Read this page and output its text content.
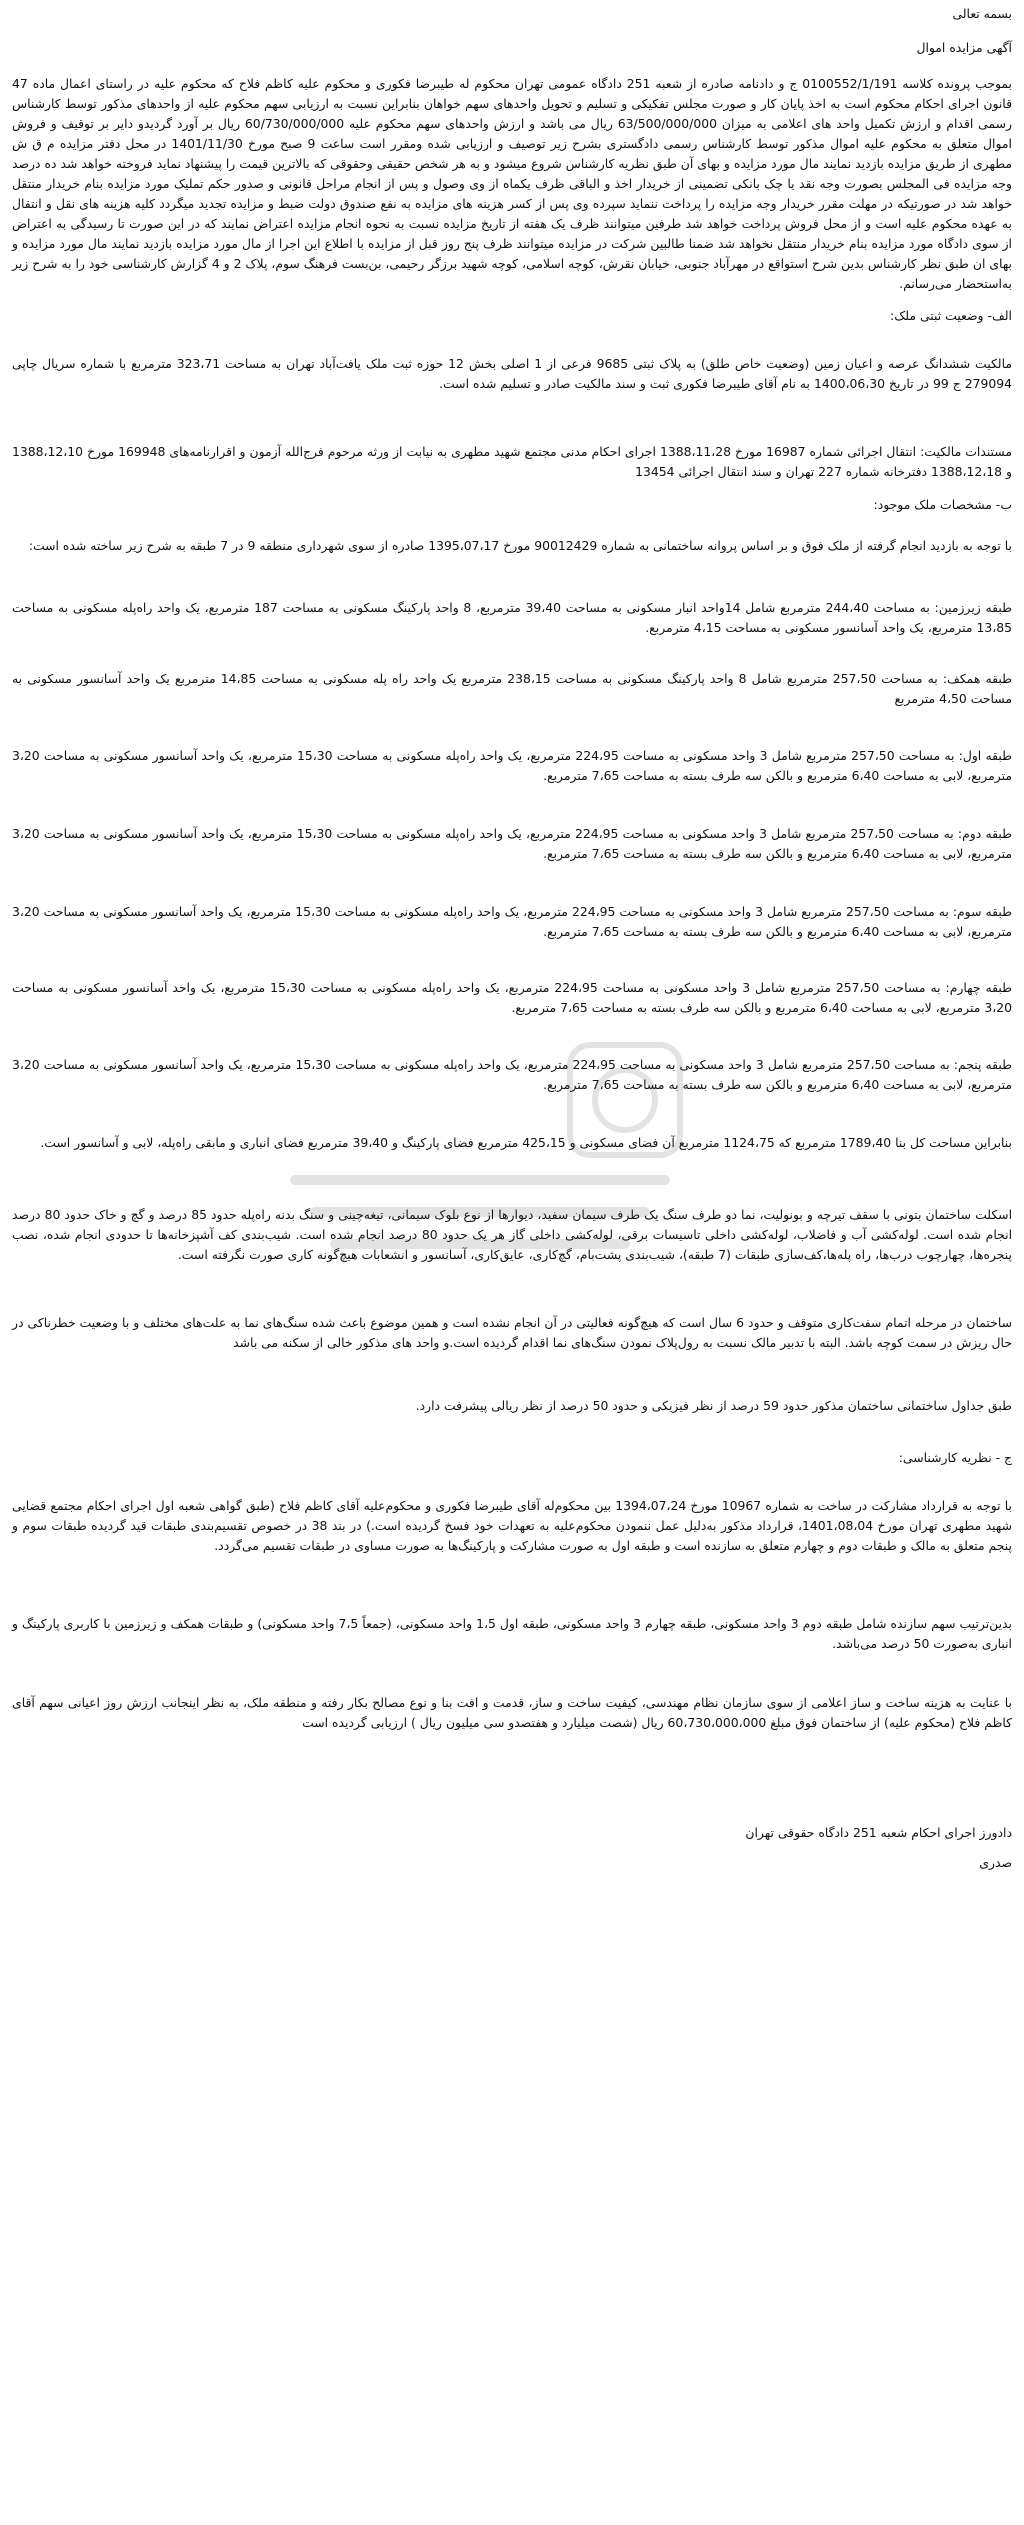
بسمه تعالی

آگهی مزایده اموال

بموجب پرونده کلاسه 0100552/1/191 ج و دادنامه صادره از شعبه 251 دادگاه عمومی تهران محکوم له طیبرضا فکوری و محکوم علیه کاظم فلاح که محکوم علیه در راستای اعمال ماده 47 قانون اجرای احکام محکوم است به اخذ پایان کار و صورت مجلس تفکیکی و تسلیم و تحویل واحدهای سهم خواهان بنابراین نسبت به ارزیابی سهم محکوم علیه از واحدهای مذکور توسط کارشناس رسمی اقدام و ارزش تکمیل واحد های اعلامی به میزان 63/500/000/000 ریال می باشد و ارزش واحدهای سهم محکوم علیه 60/730/000/000 ریال بر آورد گردیدو دایر بر توقیف و فروش اموال متعلق به محکوم علیه اموال مذکور توسط کارشناس رسمی دادگستری بشرح زیر توصیف و ارزیابی شده ومقرر است ساعت 9 صبح مورخ 1401/11/30 در محل دفتر مزایده م ق ش مطهری از طریق مزایده بازدید نمایند مال مورد مزایده و بهای آن طبق نظریه کارشناس شروع میشود و به هر شخص حقیقی وحقوقی که بالاترین قیمت را پیشنهاد نماید فروخته خواهد شد ده درصد وجه مزایده فی المجلس بصورت وجه نقد یا چک بانکی تضمینی از خریدار اخذ و الباقی ظرف یکماه از وی وصول و پس از انجام مراحل قانونی و صدور حکم تملیک مورد مزایده بنام خریدار منتقل خواهد شد در صورتیکه در مهلت مقرر خریدار وجه مزایده را پرداخت ننماید سپرده وی پس از کسر هزینه های مزایده به نفع صندوق دولت ضبط و مزایده تجدید میگردد کلیه هزینه های نقل و انتقال به عهده محکوم علیه است و از محل فروش پرداخت خواهد شد طرفین میتوانند ظرف یک هفته از تاریخ مزایده نسبت به نحوه انجام مزایده اعتراض نمایند که در این صورت تا رسیدگی به اعتراض از سوی دادگاه مورد مزایده بنام خریدار منتقل نخواهد شد ضمنا طالبین شرکت در مزایده میتوانند ظرف پنج روز قبل از مزایده با اطلاع این اجرا از مال مورد مزایده بازدید نمایند مال مورد مزایده و بهای ان طبق نظر کارشناس بدین شرح استواقع در مهرآباد جنوبی، خیابان نقرش، کوچه اسلامی، کوچه شهید برزگر رحیمی، بن‌بست فرهنگ سوم، پلاک 2 و 4 گزارش کارشناسی خود را به شرح زیر به‌استحضار می‌رسانم.

الف- وضعیت ثبتی ملک:

مالکیت ششدانگ عرصه و اعیان زمین (وضعیت خاص طلق) به پلاک ثبتی 9685 فرعی از 1 اصلی بخش 12 حوزه ثبت ملک یافت‌آباد تهران به مساحت 323،71 مترمربع با شماره سریال چاپی 279094 ج 99 در تاریخ 1400،06،30 به نام آقای طیبرضا فکوری ثبت و سند مالکیت صادر و تسلیم شده است.

مستندات مالکیت: انتقال اجرائی شماره 16987 مورخ 1388،11،28 اجرای احکام مدنی مجتمع شهید مطهری به نیابت از ورثه مرحوم فرج‌الله آزمون و اقرارنامه‌های 169948 مورخ 1388،12،10 و 1388،12،18 دفترخانه شماره 227 تهران و سند انتقال اجرائی 13454

ب- مشخصات ملک موجود:

با توجه به بازدید انجام گرفته از ملک فوق و بر اساس پروانه ساختمانی به شماره 90012429 مورخ 1395،07،17 صادره از سوی شهرداری منطقه 9 در 7 طبقه به شرح زیر ساخته شده است:

طبقه زیرزمین: به مساحت 244،40 مترمربع شامل 14واحد انبار مسکونی به مساحت 39،40 مترمربع، 8 واحد پارکینگ مسکونی به مساحت 187 مترمربع، یک واحد راه‌پله مسکونی به مساحت 13،85 مترمربع، یک واحد آسانسور مسکونی به مساحت 4،15 مترمربع.

طبقه همکف: به مساحت 257،50 مترمربع شامل 8 واحد پارکینگ مسکونی به مساحت 238،15 مترمربع یک واحد راه پله مسکونی به مساحت 14،85 مترمربع یک واحد آسانسور مسکونی به مساحت 4،50 مترمربع

طبقه اول: به مساحت 257،50 مترمربع شامل 3 واحد مسکونی به مساحت 224،95 مترمربع، یک واحد راه‌پله مسکونی به مساحت 15،30 مترمربع، یک واحد آسانسور مسکونی به مساحت 3،20 مترمربع، لابی به مساحت 6،40 مترمربع و بالکن سه طرف بسته به مساحت 7،65 مترمربع.

طبقه دوم: به مساحت 257،50 مترمربع شامل 3 واحد مسکونی به مساحت 224،95 مترمربع، یک واحد راه‌پله مسکونی به مساحت 15،30 مترمربع، یک واحد آسانسور مسکونی به مساحت 3،20 مترمربع، لابی به مساحت 6،40 مترمربع و بالکن سه طرف بسته به مساحت 7،65 مترمربع.

طبقه سوم: به مساحت 257،50 مترمربع شامل 3 واحد مسکونی به مساحت 224،95 مترمربع، یک واحد راه‌پله مسکونی به مساحت 15،30 مترمربع، یک واحد آسانسور مسکونی به مساحت 3،20 مترمربع، لابی به مساحت 6،40 مترمربع و بالکن سه طرف بسته به مساحت 7،65 مترمربع.

طبقه چهارم: به مساحت 257،50 مترمربع شامل 3 واحد مسکونی به مساحت 224،95 مترمربع، یک واحد راه‌پله مسکونی به مساحت 15،30 مترمربع، یک واحد آسانسور مسکونی به مساحت 3،20 مترمربع، لابی به مساحت 6،40 مترمربع و بالکن سه طرف بسته به مساحت 7،65 مترمربع.

طبقه پنجم: به مساحت 257،50 مترمربع شامل 3 واحد مسکونی به مساحت 224،95 مترمربع، یک واحد راه‌پله مسکونی به مساحت 15،30 مترمربع، یک واحد آسانسور مسکونی به مساحت 3،20 مترمربع، لابی به مساحت 6،40 مترمربع و بالکن سه طرف بسته به مساحت 7،65 مترمربع.

بنابراین مساحت کل بنا 1789،40 مترمربع که 1124،75 مترمربع آن فضای مسکونی و 425،15 مترمربع فضای پارکینگ و 39،40 مترمربع فضای انباری و مابقی راه‌پله، لابی و آسانسور است.

اسکلت ساختمان بتونی با سقف تیرچه و بونولیت، نما دو طرف سنگ یک طرف سیمان سفید، دیوارها از نوع بلوک سیمانی، تیغه‌چینی و سنگ بدنه راه‌پله حدود 85 درصد و گچ و خاک حدود 80 درصد انجام شده است. لوله‌کشی آب و فاضلاب، لوله‌کشی داخلی تاسیسات برقی، لوله‌کشی داخلی گاز هر یک حدود 80 درصد انجام شده است. شیب‌بندی کف آشپزخانه‌ها تا حدودی انجام شده، نصب پنجره‌ها، چهارچوب درب‌ها، راه پله‌ها،کف‌سازی طبقات (7 طبقه)، شیب‌بندی پشت‌بام، گچ‌کاری، عایق‌کاری، آسانسور و انشعابات هیچ‌گونه کاری صورت نگرفته است.

ساختمان در مرحله اتمام سفت‌کاری متوقف و حدود 6 سال است که هیچ‌گونه فعالیتی در آن انجام نشده است و همین موضوع باعث شده سنگ‌های نما به علت‌های مختلف و با وضعیت خطرناکی در حال ریزش در سمت کوچه باشد. البته با تدبیر مالک نسبت به رول‌پلاک نمودن سنگ‌های نما اقدام گردیده است.و واحد های مذکور خالی از سکنه می باشد

طبق جداول ساختمانی ساختمان مذکور حدود 59 درصد از نظر فیزیکی و حدود 50 درصد از نظر ریالی پیشرفت دارد.

ج - نظریه کارشناسی:

با توجه به قرارداد مشارکت در ساخت به شماره 10967 مورخ 1394،07،24 بین محکوم‌له آقای طیبرضا فکوری و محکوم‌علیه آقای کاظم فلاح (طبق گواهی شعبه اول اجرای احکام مجتمع قضایی شهید مطهری تهران مورخ 1401،08،04، قرارداد مذکور به‌دلیل عمل ننمودن محکوم‌علیه به تعهدات خود فسخ گردیده است.) در بند 38 در خصوص تقسیم‌بندی طبقات قید گردیده طبقات سوم و پنجم متعلق به مالک و طبقات دوم و چهارم متعلق به سازنده است و طبقه اول به صورت مشارکت و پارکینگ‌ها به صورت مساوی در طبقات تقسیم می‌گردد.

بدین‌ترتیب سهم سازنده شامل طبقه دوم 3 واحد مسکونی، طبقه چهارم 3 واحد مسکونی، طبقه اول 1،5 واحد مسکونی، (جمعاً 7،5 واحد مسکونی) و طبقات همکف و زیرزمین با کاربری پارکینگ و انباری به‌صورت 50 درصد می‌باشد.

با عنایت به هزینه ساخت و ساز اعلامی از سوی سازمان نظام مهندسی، کیفیت ساخت و ساز، قدمت و افت بنا و نوع مصالح بکار رفته و منطقه ملک، به نظر اینجانب ارزش روز اعیانی سهم آقای کاظم فلاح (محکوم علیه) از ساختمان فوق مبلغ 60،730،000،000 ریال (شصت میلیارد و هفتصدو سی میلیون ریال ) ارزیابی گردیده است

دادورز اجرای احکام شعبه 251 دادگاه حقوقی تهران

صدری
